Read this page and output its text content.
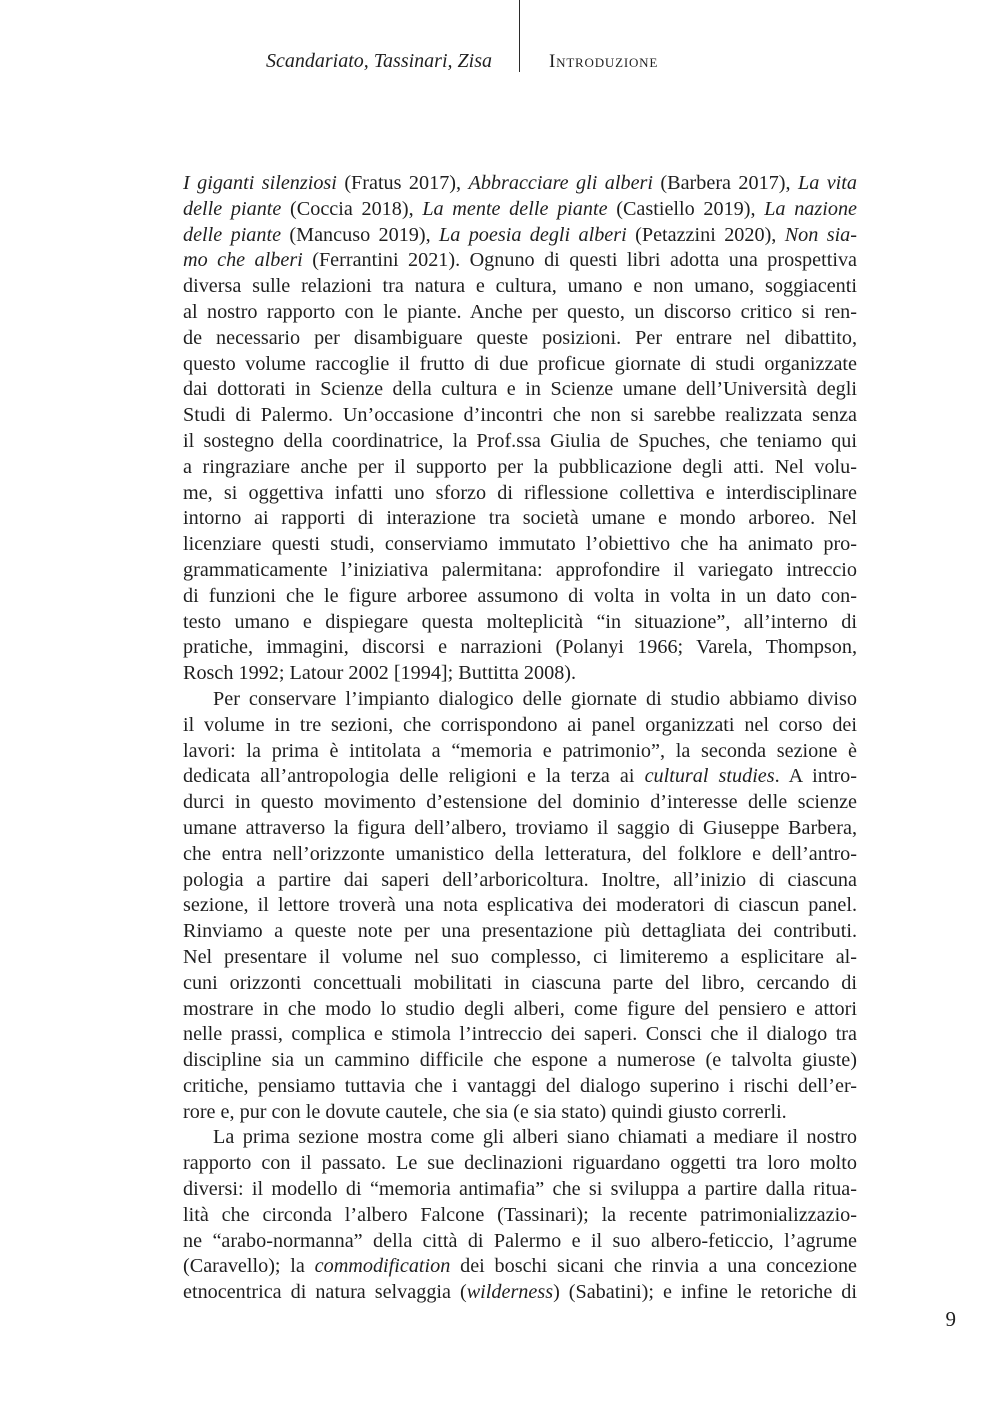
Scandariato, Tassinari, Zisa	Introduzione
I giganti silenziosi (Fratus 2017), Abbracciare gli alberi (Barbera 2017), La vita
delle piante (Coccia 2018), La mente delle piante (Castiello 2019), La nazione
delle piante (Mancuso 2019), La poesia degli alberi (Petazzini 2020), Non sia-
mo che alberi (Ferrantini 2021). Ognuno di questi libri adotta una prospettiva
diversa sulle relazioni tra natura e cultura, umano e non umano, soggiacenti
al nostro rapporto con le piante. Anche per questo, un discorso critico si ren-
de necessario per disambiguare queste posizioni. Per entrare nel dibattito,
questo volume raccoglie il frutto di due proficue giornate di studi organizzate
dai dottorati in Scienze della cultura e in Scienze umane dell’Università degli
Studi di Palermo. Un’occasione d’incontri che non si sarebbe realizzata senza
il sostegno della coordinatrice, la Prof.ssa Giulia de Spuches, che teniamo qui
a ringraziare anche per il supporto per la pubblicazione degli atti. Nel volu-
me, si oggettiva infatti uno sforzo di riflessione collettiva e interdisciplinare
intorno ai rapporti di interazione tra società umane e mondo arboreo. Nel
licenziare questi studi, conserviamo immutato l’obiettivo che ha animato pro-
grammaticamente l’iniziativa palermitana: approfondire il variegato intreccio
di funzioni che le figure arboree assumono di volta in volta in un dato con-
testo umano e dispiegare questa molteplicità “in situazione”, all’interno di
pratiche, immagini, discorsi e narrazioni (Polanyi 1966; Varela, Thompson,
Rosch 1992; Latour 2002 [1994]; Buttitta 2008).
Per conservare l’impianto dialogico delle giornate di studio abbiamo diviso
il volume in tre sezioni, che corrispondono ai panel organizzati nel corso dei
lavori: la prima è intitolata a “memoria e patrimonio”, la seconda sezione è
dedicata all’antropologia delle religioni e la terza ai cultural studies. A intro-
durci in questo movimento d’estensione del dominio d’interesse delle scienze
umane attraverso la figura dell’albero, troviamo il saggio di Giuseppe Barbera,
che entra nell’orizzonte umanistico della letteratura, del folklore e dell’antro-
pologia a partire dai saperi dell’arboricoltura. Inoltre, all’inizio di ciascuna
sezione, il lettore troverà una nota esplicativa dei moderatori di ciascun panel.
Rinviamo a queste note per una presentazione più dettagliata dei contributi.
Nel presentare il volume nel suo complesso, ci limiteremo a esplicitare al-
cuni orizzonti concettuali mobilitati in ciascuna parte del libro, cercando di
mostrare in che modo lo studio degli alberi, come figure del pensiero e attori
nelle prassi, complica e stimola l’intreccio dei saperi. Consci che il dialogo tra
discipline sia un cammino difficile che espone a numerose (e talvolta giuste)
critiche, pensiamo tuttavia che i vantaggi del dialogo superino i rischi dell’er-
rore e, pur con le dovute cautele, che sia (e sia stato) quindi giusto correrli.
La prima sezione mostra come gli alberi siano chiamati a mediare il nostro
rapporto con il passato. Le sue declinazioni riguardano oggetti tra loro molto
diversi: il modello di “memoria antimafia” che si sviluppa a partire dalla ritua-
lità che circonda l’albero Falcone (Tassinari); la recente patrimonializzazio-
ne “arabo-normanna” della città di Palermo e il suo albero-feticcio, l’agrume
(Caravello); la commodification dei boschi sicani che rinvia a una concezione
etnocentrica di natura selvaggia (wilderness) (Sabatini); e infine le retoriche di
9
